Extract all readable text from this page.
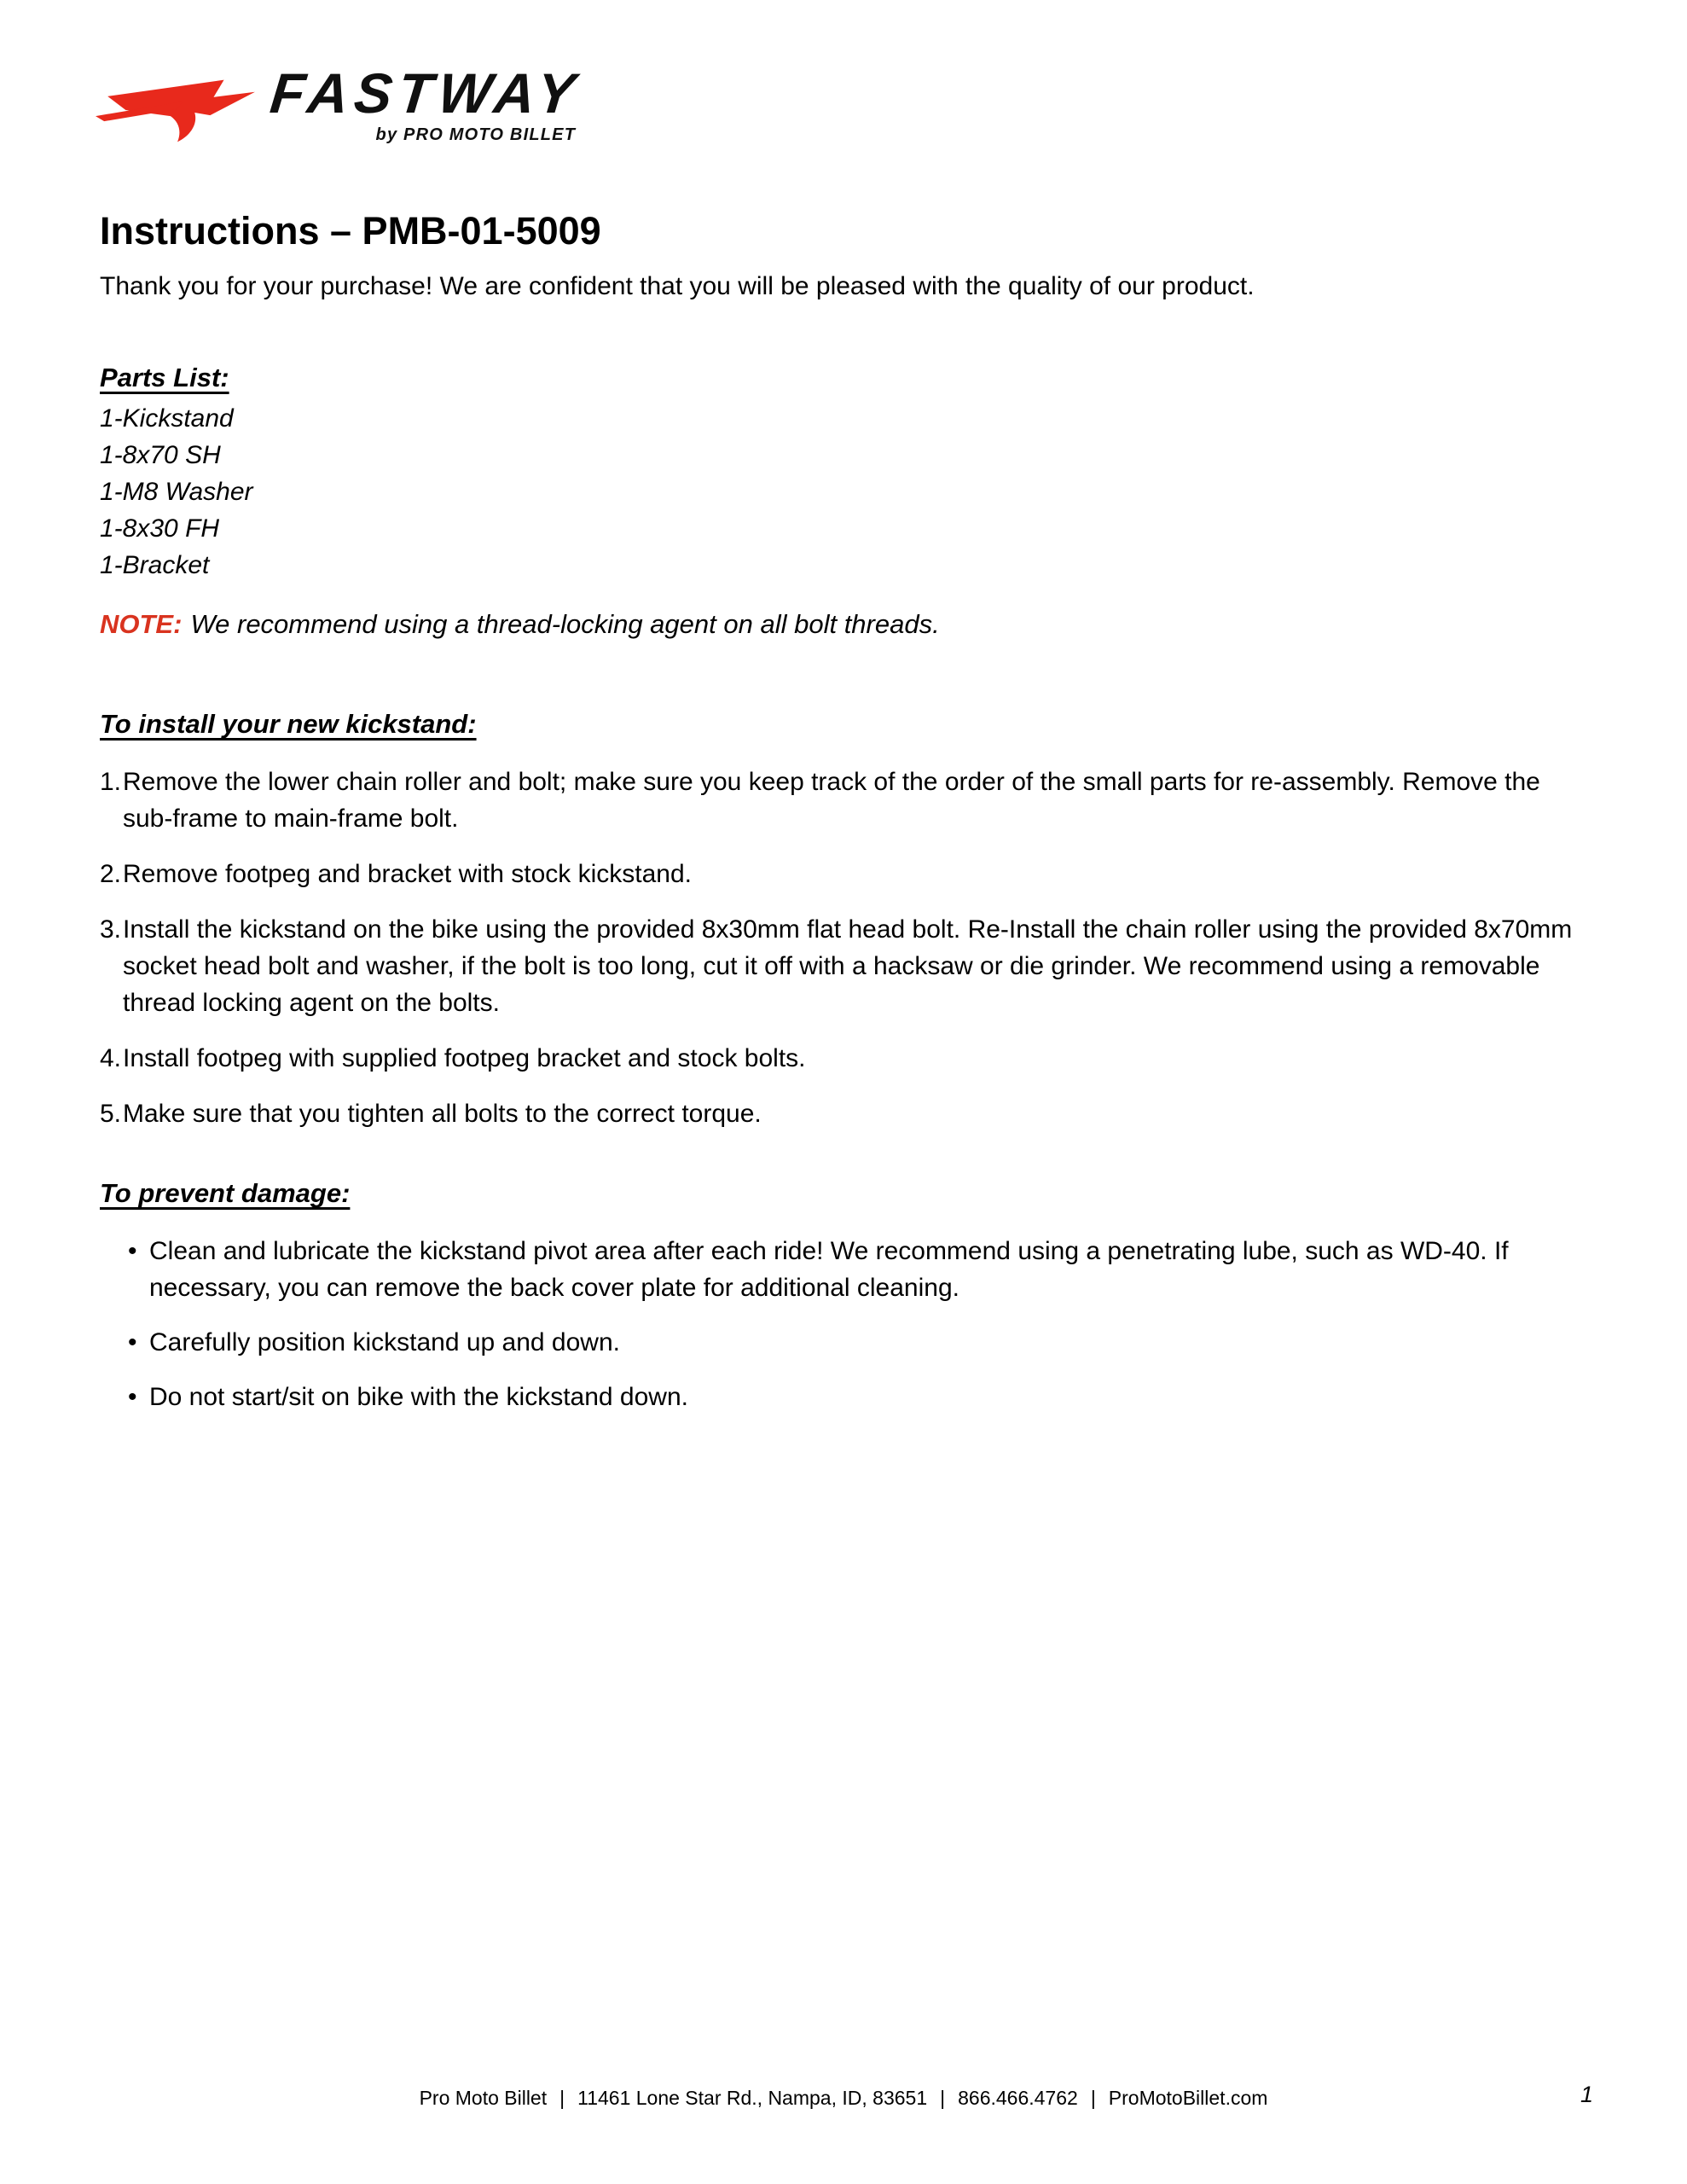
FASTWAY
by PRO MOTO BILLET
Instructions – PMB-01-5009

Thank you for your purchase! We are confident that you will be pleased with the quality of our product.

Parts List:
1-Kickstand
1-8x70 SH
1-M8 Washer
1-8x30 FH
1-Bracket

NOTE: We recommend using a thread-locking agent on all bolt threads.

To install your new kickstand:
1. Remove the lower chain roller and bolt; make sure you keep track of the order of the small parts for re-assembly. Remove the sub-frame to main-frame bolt.
2. Remove footpeg and bracket with stock kickstand.
3. Install the kickstand on the bike using the provided 8x30mm flat head bolt. Re-Install the chain roller using the provided 8x70mm socket head bolt and washer, if the bolt is too long, cut it off with a hacksaw or die grinder. We recommend using a removable thread locking agent on the bolts.
4. Install footpeg with supplied footpeg bracket and stock bolts.
5. Make sure that you tighten all bolts to the correct torque.
To prevent damage:
• Clean and lubricate the kickstand pivot area after each ride! We recommend using a penetrating lube, such as WD-40. If necessary, you can remove the back cover plate for additional cleaning.
• Carefully position kickstand up and down.
• Do not start/sit on bike with the kickstand down.
Pro Moto Billet | 11461 Lone Star Rd., Nampa, ID, 83651 | 866.466.4762 | ProMotoBillet.com	1
